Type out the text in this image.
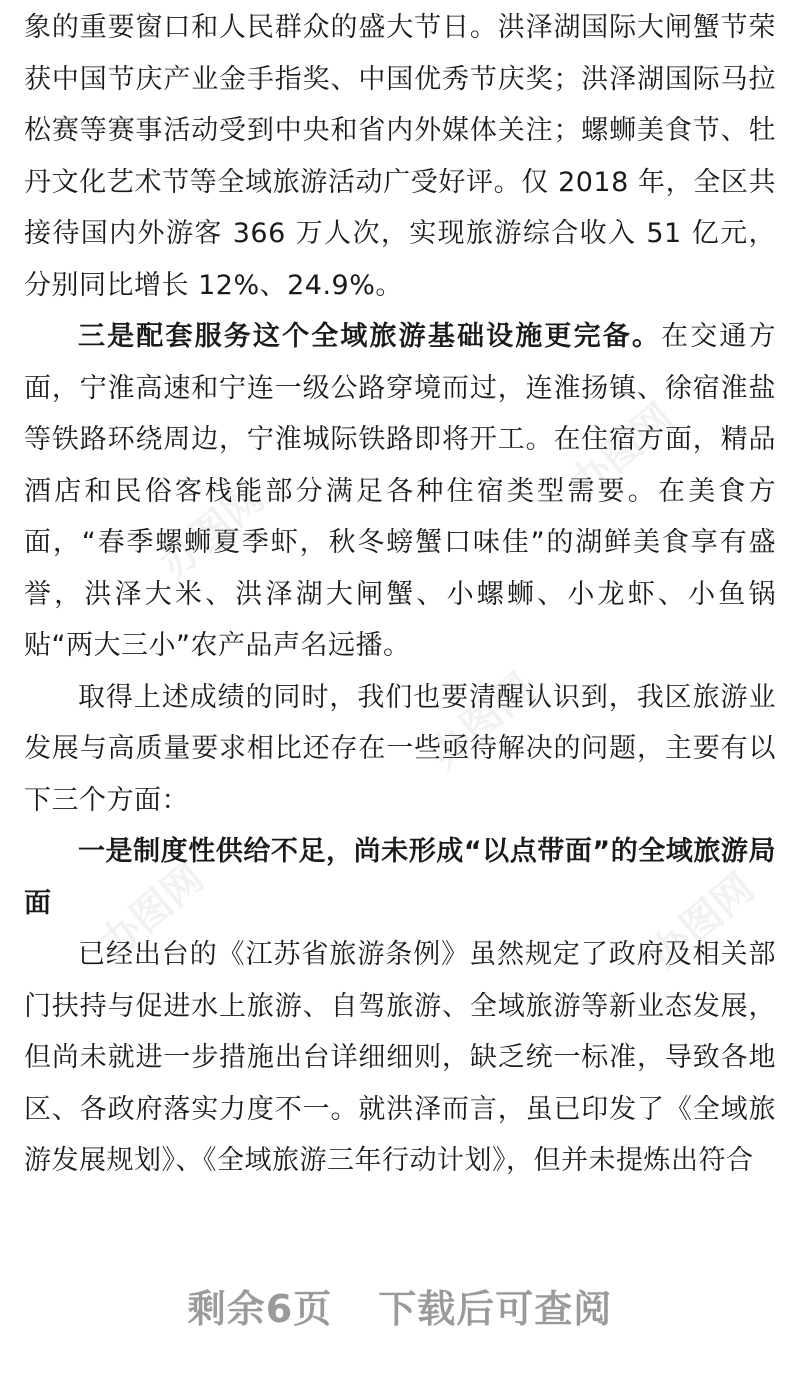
办图网
办图网
办图网
办图网	办图网

象的重要窗口和人民群众的盛大节日。洪泽湖国际大闸蟹节荣获中国节庆产业金手指奖、中国优秀节庆奖；洪泽湖国际马拉松赛等赛事活动受到中央和省内外媒体关注；螺蛳美食节、牡丹文化艺术节等全域旅游活动广受好评。仅 2018 年，全区共接待国内外游客 366 万人次，实现旅游综合收入 51 亿元，分别同比增长 12%、24.9%。

三是配套服务这个全域旅游基础设施更完备。在交通方面，宁淮高速和宁连一级公路穿境而过，连淮扬镇、徐宿淮盐等铁路环绕周边，宁淮城际铁路即将开工。在住宿方面，精品酒店和民俗客栈能部分满足各种住宿类型需要。在美食方面，“春季螺蛳夏季虾，秋冬螃蟹口味佳”的湖鲜美食享有盛誉，洪泽大米、洪泽湖大闸蟹、小螺蛳、小龙虾、小鱼锅贴“两大三小”农产品声名远播。

取得上述成绩的同时，我们也要清醒认识到，我区旅游业发展与高质量要求相比还存在一些亟待解决的问题，主要有以下三个方面：

一是制度性供给不足，尚未形成“以点带面”的全域旅游局面

已经出台的《江苏省旅游条例》虽然规定了政府及相关部门扶持与促进水上旅游、自驾旅游、全域旅游等新业态发展，但尚未就进一步措施出台详细细则，缺乏统一标准，导致各地区、各政府落实力度不一。就洪泽而言，虽已印发了《全域旅游发展规划》、《全域旅游三年行动计划》，但并未提炼出符合

剩余6页 下载后可查阅
